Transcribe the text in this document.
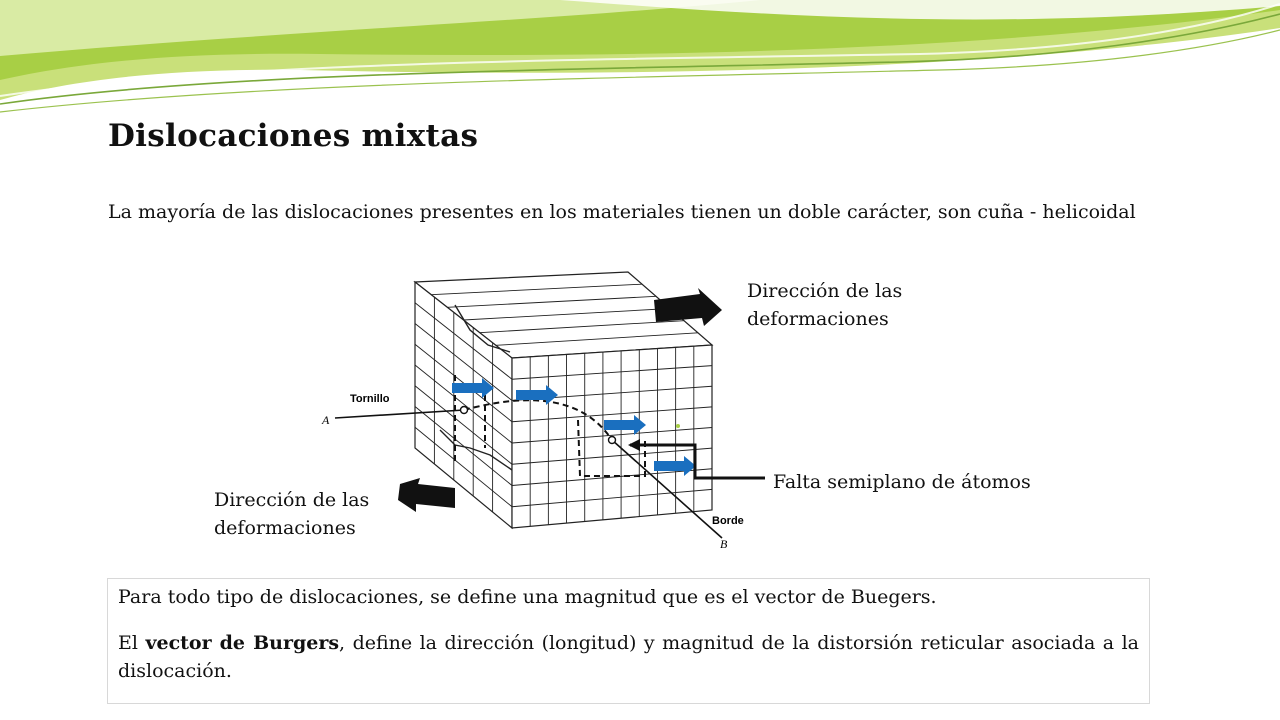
Dislocaciones mixtas

La mayoría de las dislocaciones presentes en los materiales tienen un doble carácter, son cuña - helicoidal

Dirección de las deformaciones
Dirección de las deformaciones
Falta semiplano de átomos
Tornillo
A
Borde
B

Para todo tipo de dislocaciones, se define una magnitud que es el vector de Buegers.

El vector de Burgers, define la dirección (longitud) y magnitud de la distorsión reticular asociada a la dislocación.
